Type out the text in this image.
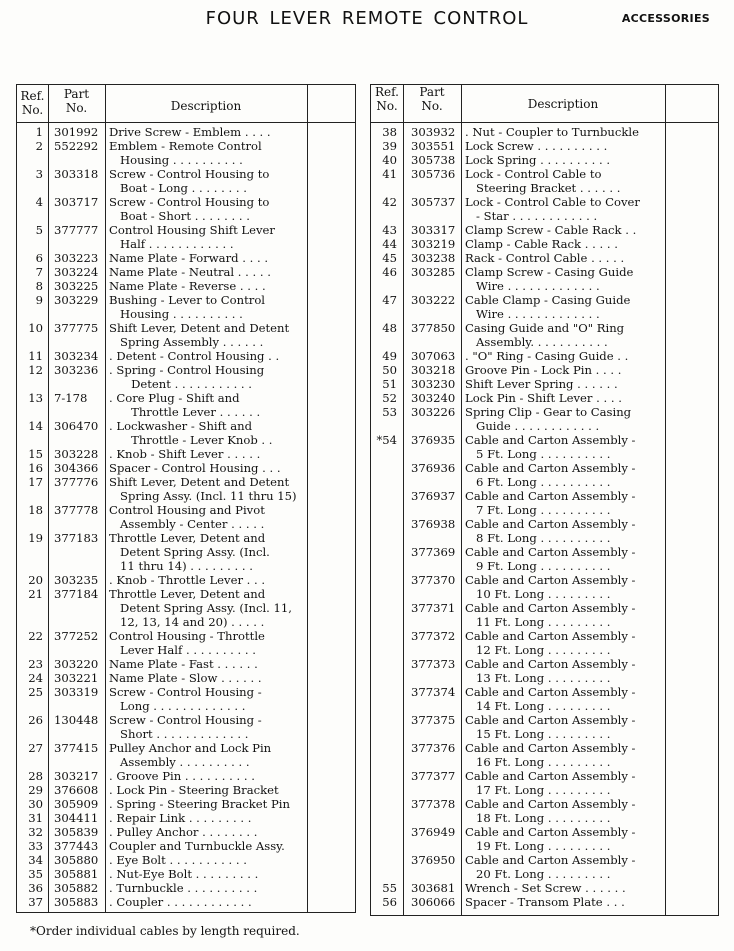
FOUR LEVER REMOTE CONTROL	ACCESSORIES
Ref.
No.
Part
No.	Description
1 301992 Drive Screw - Emblem . . . .
2 552292 Emblem - Remote Control
Housing . . . . . . . . . .
3 303318 Screw - Control Housing to
Boat - Long . . . . . . . .
4 303717 Screw - Control Housing to
Boat - Short . . . . . . . .
5 377777 Control Housing Shift Lever
Half . . . . . . . . . . . .
6 303223 Name Plate - Forward . . . .
7 303224 Name Plate - Neutral . . . . .
8 303225 Name Plate - Reverse . . . .
9 303229 Bushing - Lever to Control
Housing . . . . . . . . . .
10 377775 Shift Lever, Detent and Detent
Spring Assembly . . . . . .
11 303234 . Detent - Control Housing . .
12 303236 . Spring - Control Housing
Detent . . . . . . . . . . .
13 7-178 . Core Plug - Shift and
Throttle Lever . . . . . .
14 306470 . Lockwasher - Shift and
Throttle - Lever Knob . .
15 303228 . Knob - Shift Lever . . . . .
16 304366 Spacer - Control Housing . . .
17 377776 Shift Lever, Detent and Detent
Spring Assy. (Incl. 11 thru 15)
18 377778 Control Housing and Pivot
Assembly - Center . . . . .
19 377183 Throttle Lever, Detent and
Detent Spring Assy. (Incl.
11 thru 14) . . . . . . . . .
20 303235 . Knob - Throttle Lever . . .
21 377184 Throttle Lever, Detent and
Detent Spring Assy. (Incl. 11,
12, 13, 14 and 20) . . . . .
22 377252 Control Housing - Throttle
Lever Half . . . . . . . . . .
23 303220 Name Plate - Fast . . . . . .
24 303221 Name Plate - Slow . . . . . .
25 303319 Screw - Control Housing -
Long . . . . . . . . . . . . .
26 130448 Screw - Control Housing -
Short . . . . . . . . . . . . .
27 377415 Pulley Anchor and Lock Pin
Assembly . . . . . . . . . .
28 303217 . Groove Pin . . . . . . . . . .
29 376608 . Lock Pin - Steering Bracket
30 305909 . Spring - Steering Bracket Pin
31 304411 . Repair Link . . . . . . . . .
32 305839 . Pulley Anchor . . . . . . . .
33 377443 Coupler and Turnbuckle Assy.
34 305880 . Eye Bolt . . . . . . . . . . .
35 305881 . Nut-Eye Bolt . . . . . . . . .
36 305882 . Turnbuckle . . . . . . . . . .
37 305883 . Coupler . . . . . . . . . . . .
Ref.
No.
Part
No.	Description
38 303932 . Nut - Coupler to Turnbuckle
39 303551 Lock Screw . . . . . . . . . .
40 305738 Lock Spring . . . . . . . . . .
41 305736 Lock - Control Cable to
Steering Bracket . . . . . .
42 305737 Lock - Control Cable to Cover
- Star . . . . . . . . . . . .
43 303317 Clamp Screw - Cable Rack . .
44 303219 Clamp - Cable Rack . . . . .
45 303238 Rack - Control Cable . . . . .
46 303285 Clamp Screw - Casing Guide
Wire . . . . . . . . . . . . .
47 303222 Cable Clamp - Casing Guide
Wire . . . . . . . . . . . . .
48 377850 Casing Guide and "O" Ring
Assembly. . . . . . . . . . .
49 307063 . "O" Ring - Casing Guide . .
50 303218 Groove Pin - Lock Pin . . . .
51 303230 Shift Lever Spring . . . . . .
52 303240 Lock Pin - Shift Lever . . . .
53 303226 Spring Clip - Gear to Casing
Guide . . . . . . . . . . . .
*54 376935 Cable and Carton Assembly -
5 Ft. Long . . . . . . . . . .
376936 Cable and Carton Assembly -
6 Ft. Long . . . . . . . . . .
376937 Cable and Carton Assembly -
7 Ft. Long . . . . . . . . . .
376938 Cable and Carton Assembly -
8 Ft. Long . . . . . . . . . .
377369 Cable and Carton Assembly -
9 Ft. Long . . . . . . . . . .
377370 Cable and Carton Assembly -
10 Ft. Long . . . . . . . . .
377371 Cable and Carton Assembly -
11 Ft. Long . . . . . . . . .
377372 Cable and Carton Assembly -
12 Ft. Long . . . . . . . . .
377373 Cable and Carton Assembly -
13 Ft. Long . . . . . . . . .
377374 Cable and Carton Assembly -
14 Ft. Long . . . . . . . . .
377375 Cable and Carton Assembly -
15 Ft. Long . . . . . . . . .
377376 Cable and Carton Assembly -
16 Ft. Long . . . . . . . . .
377377 Cable and Carton Assembly -
17 Ft. Long . . . . . . . . .
377378 Cable and Carton Assembly -
18 Ft. Long . . . . . . . . .
376949 Cable and Carton Assembly -
19 Ft. Long . . . . . . . . .
376950 Cable and Carton Assembly -
20 Ft. Long . . . . . . . . .
55 303681 Wrench - Set Screw . . . . . .
56 306066 Spacer - Transom Plate . . .
*Order individual cables by length required.
